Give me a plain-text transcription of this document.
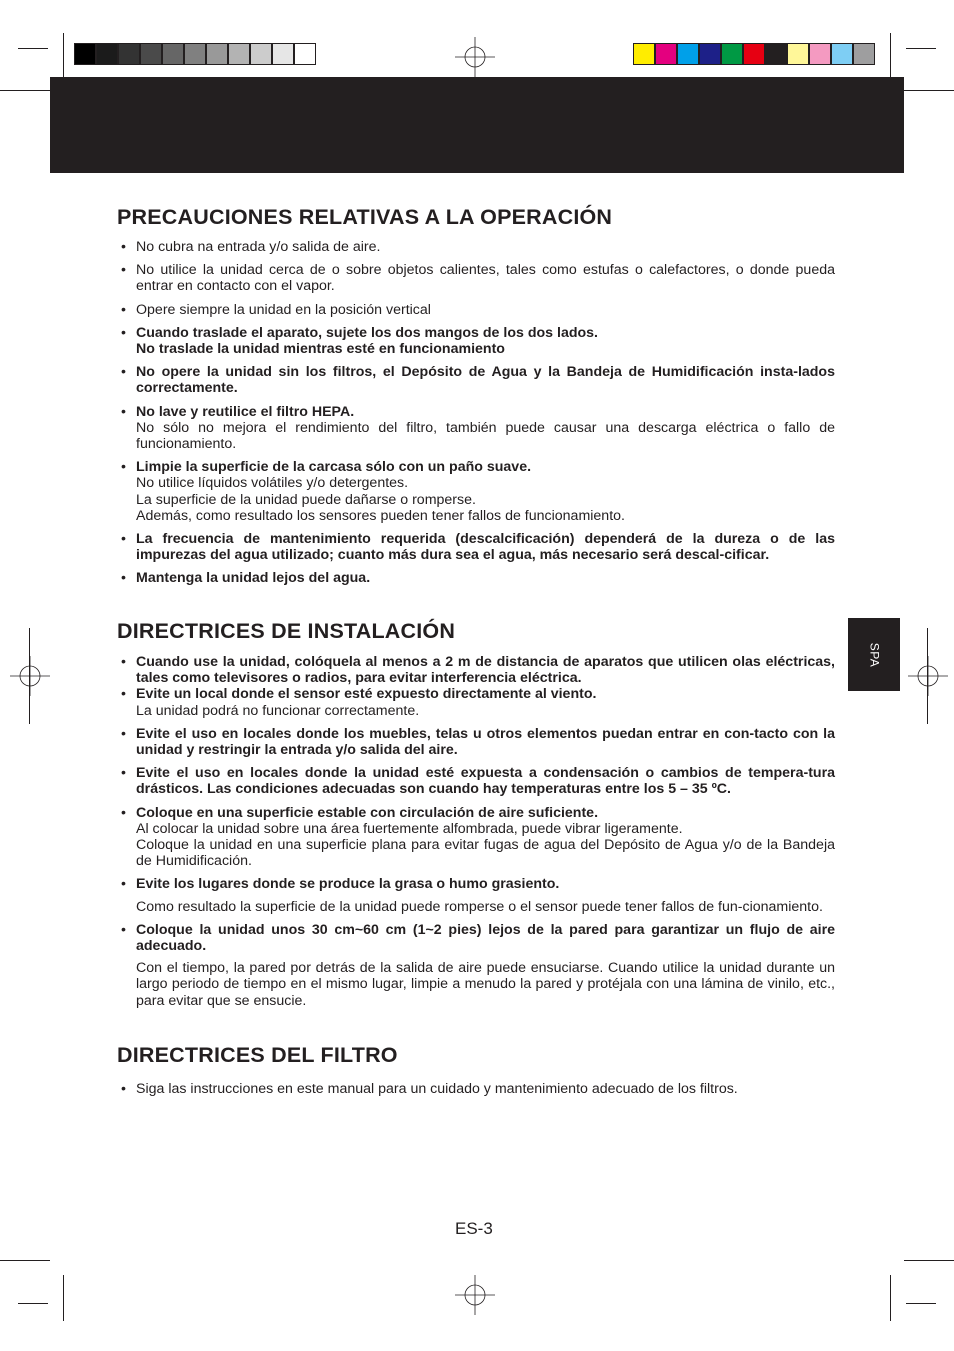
SPA
PRECAUCIONES RELATIVAS A LA OPERACIÓN
• No cubra na entrada y/o salida de aire.
• No utilice la unidad cerca de o sobre objetos calientes, tales como estufas o calefactores, o donde pueda entrar en contacto con el vapor.
• Opere siempre la unidad en la posición vertical
• Cuando traslade el aparato, sujete los dos mangos de los dos lados.
No traslade la unidad mientras esté en funcionamiento
• No opere la unidad sin los filtros, el Depósito de Agua y la Bandeja de Humidificación insta-lados correctamente.
• No lave y reutilice el filtro HEPA.
No sólo no mejora el rendimiento del filtro, también puede causar una descarga eléctrica o fallo de funcionamiento.
• Limpie la superficie de la carcasa sólo con un paño suave.
No utilice líquidos volátiles y/o detergentes.
La superficie de la unidad puede dañarse o romperse.
Además, como resultado los sensores pueden tener fallos de funcionamiento.
• La frecuencia de mantenimiento requerida (descalcificación) dependerá de la dureza o de las impurezas del agua utilizado; cuanto más dura sea el agua, más necesario será descal-cificar.
• Mantenga la unidad lejos del agua.
DIRECTRICES DE INSTALACIÓN
• Cuando use la unidad, colóquela al menos a 2 m de distancia de aparatos que utilicen olas eléctricas, tales como televisores o radios, para evitar interferencia eléctrica.
• Evite un local donde el sensor esté expuesto directamente al viento.
La unidad podrá no funcionar correctamente.
• Evite el uso en locales donde los muebles, telas u otros elementos puedan entrar en con-tacto con la unidad y restringir la entrada y/o salida del aire.
• Evite el uso en locales donde la unidad esté expuesta a condensación o cambios de tempera-tura drásticos. Las condiciones adecuadas son cuando hay temperaturas entre los 5 – 35 ºC.
• Coloque en una superficie estable con circulación de aire suficiente.
Al colocar la unidad sobre una área fuertemente alfombrada, puede vibrar ligeramente.
Coloque la unidad en una superficie plana para evitar fugas de agua del Depósito de Agua y/o de la Bandeja de Humidificación.
• Evite los lugares donde se produce la grasa o humo grasiento.
Como resultado la superficie de la unidad puede romperse o el sensor puede tener fallos de fun-cionamiento.
• Coloque la unidad unos 30 cm~60 cm (1~2 pies) lejos de la pared para garantizar un flujo de aire adecuado.
Con el tiempo, la pared por detrás de la salida de aire puede ensuciarse. Cuando utilice la unidad durante un largo periodo de tiempo en el mismo lugar, limpie a menudo la pared y protéjala con una lámina de vinilo, etc., para evitar que se ensucie.
DIRECTRICES DEL FILTRO
• Siga las instrucciones en este manual para un cuidado y mantenimiento adecuado de los filtros.
ES-3
